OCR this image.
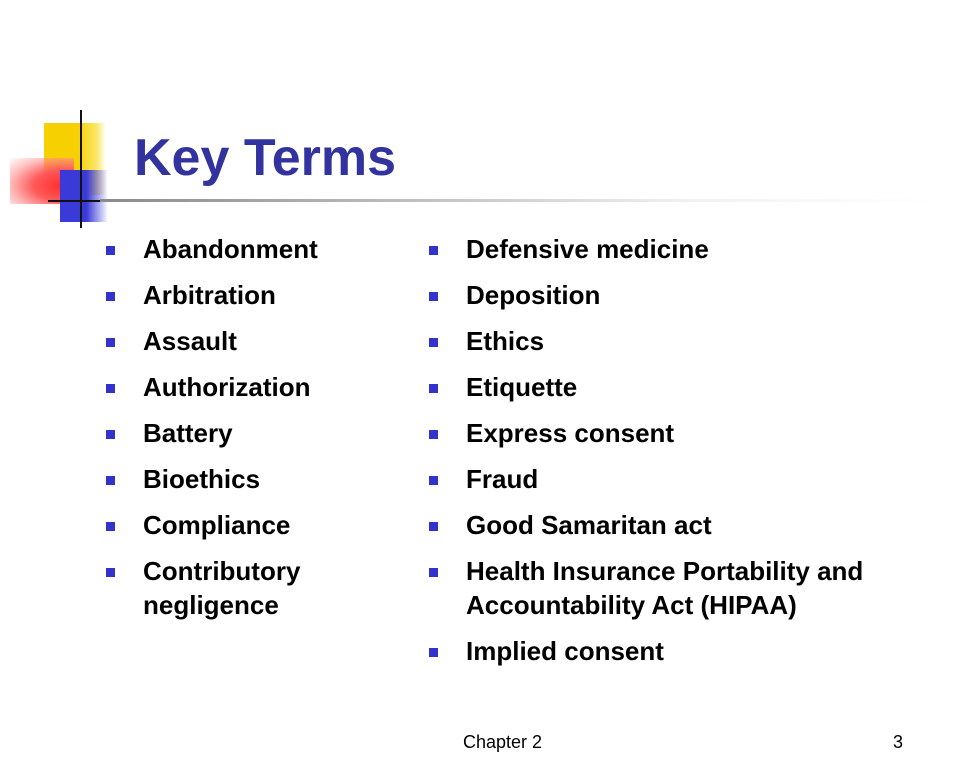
Key Terms
Abandonment
Arbitration
Assault
Authorization
Battery
Bioethics
Compliance
Contributory negligence
Defensive medicine
Deposition
Ethics
Etiquette
Express consent
Fraud
Good Samaritan act
Health Insurance Portability and Accountability Act (HIPAA)
Implied consent
Chapter 2	3
